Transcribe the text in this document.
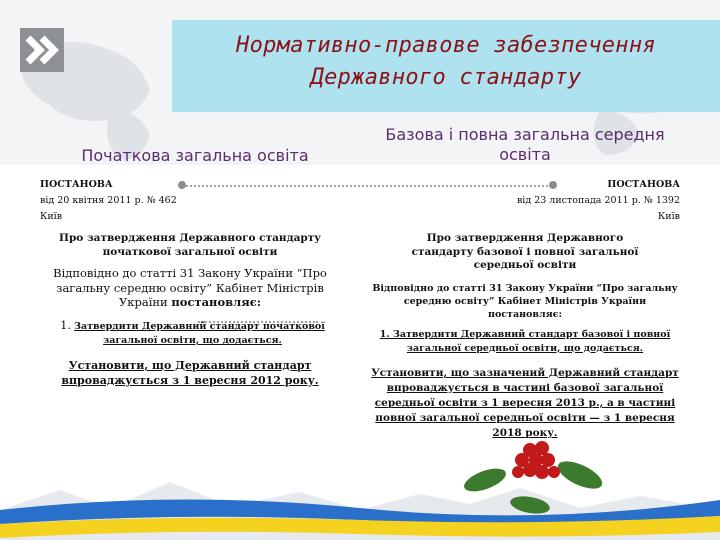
Нормативно-правове забезпечення
Державного стандарту
Початкова загальна освіта
Базова і повна загальна середня освіта
ПОСТАНОВА
від 20 квітня 2011 р. № 462
Київ
Про затвердження Державного стандарту початкової загальної освіти
Відповідно до статті 31 Закону України “Про загальну середню освіту” Кабінет Міністрів України постановляє:
1. Затвердити Державний стандарт початкової загальної освіти, що додається.
Установити, що Державний стандарт впроваджується з 1 вересня 2012 року.
ПОСТАНОВА
від 23 листопада 2011 р. № 1392
Київ
Про затвердження Державного стандарту базової і повної загальної середньої освіти
Відповідно до статті 31 Закону України “Про загальну середню освіту” Кабінет Міністрів України постановляє:
1. Затвердити Державний стандарт базової і повної загальної середньої освіти, що додається.
Установити, що зазначений Державний стандарт впроваджується в частині базової загальної середньої освіти з 1 вересня 2013 р., а в частині повної загальної середньої освіти — з 1 вересня 2018 року.
